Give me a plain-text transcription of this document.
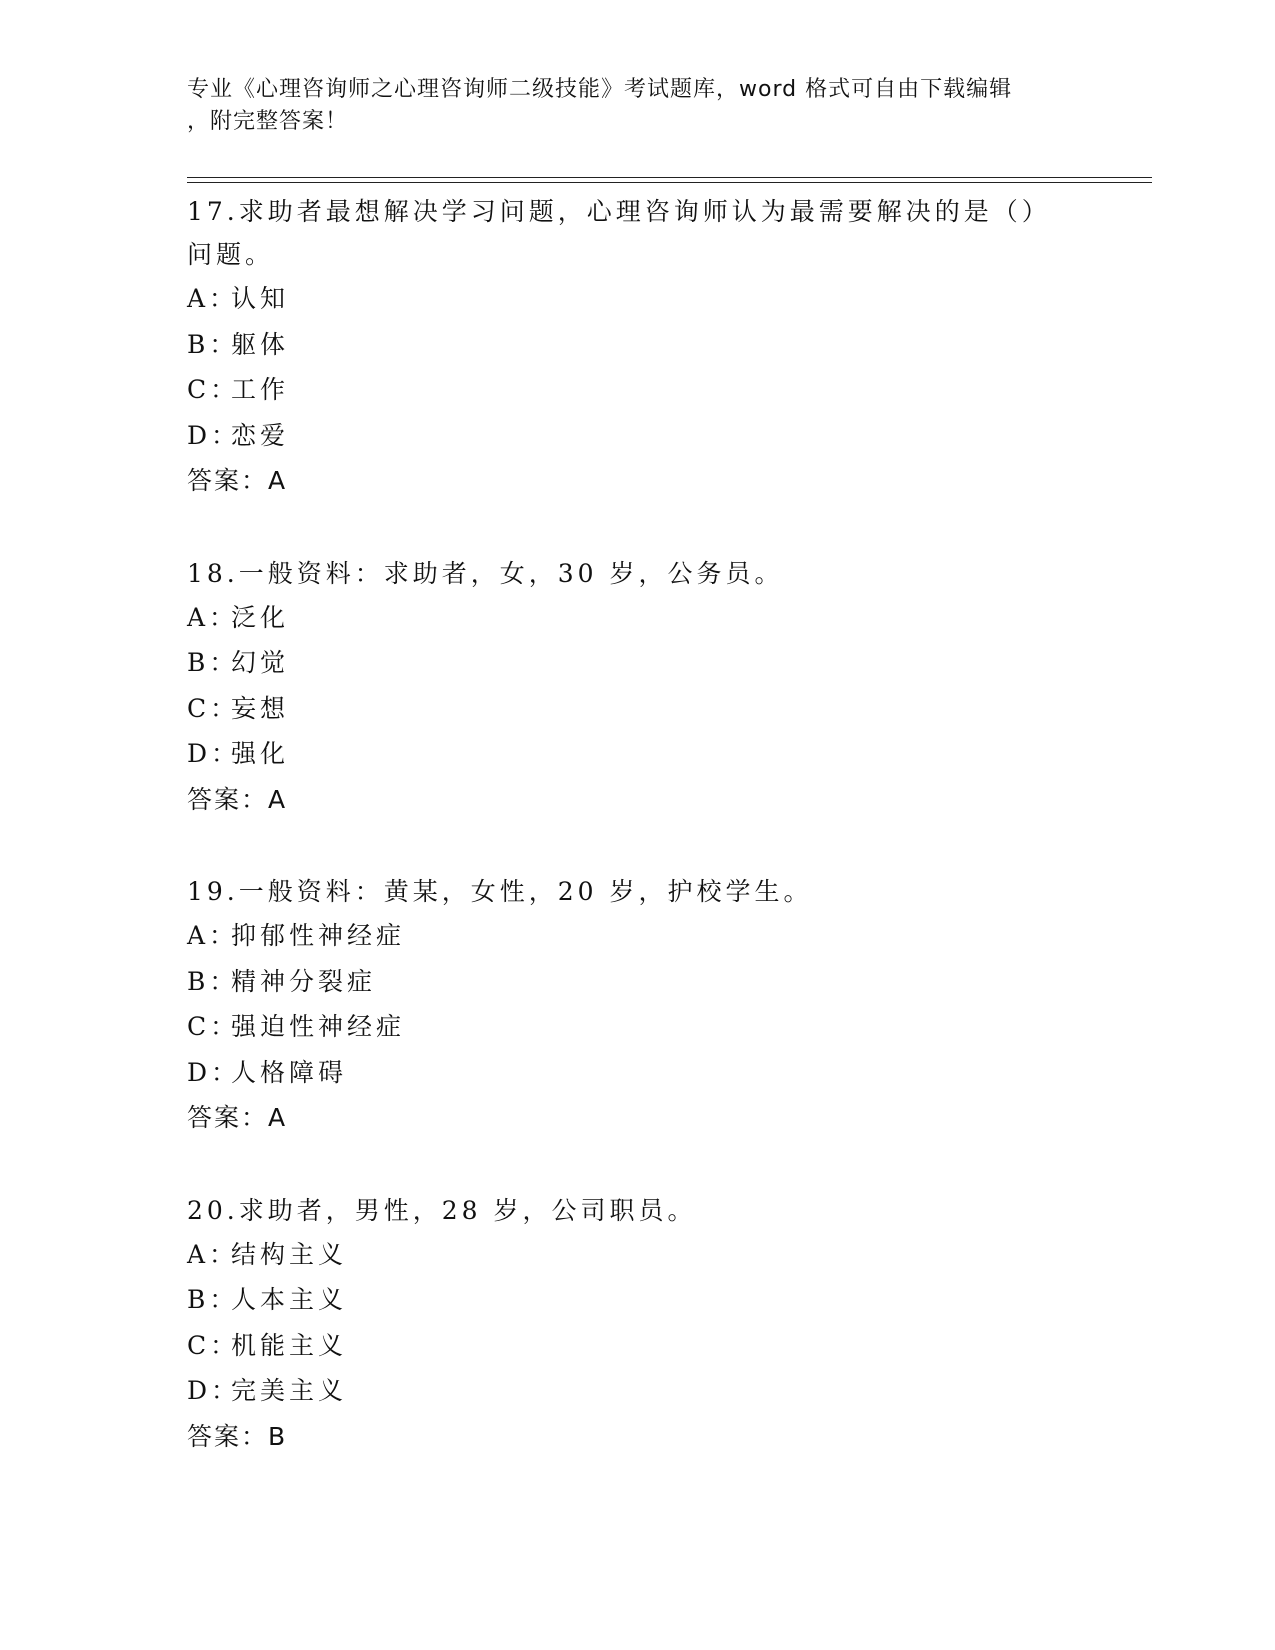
专业《心理咨询师之心理咨询师二级技能》考试题库，word 格式可自由下载编辑
，附完整答案！

17.求助者最想解决学习问题，心理咨询师认为最需要解决的是（）问题。

A：认知

B：躯体

C：工作

D：恋爱

答案：A

18.一般资料：求助者，女，30 岁，公务员。

A：泛化

B：幻觉

C：妄想

D：强化

答案：A

19.一般资料：黄某，女性，20 岁，护校学生。

A：抑郁性神经症

B：精神分裂症

C：强迫性神经症

D：人格障碍

答案：A

20.求助者，男性，28 岁，公司职员。

A：结构主义

B：人本主义

C：机能主义

D：完美主义

答案：B
